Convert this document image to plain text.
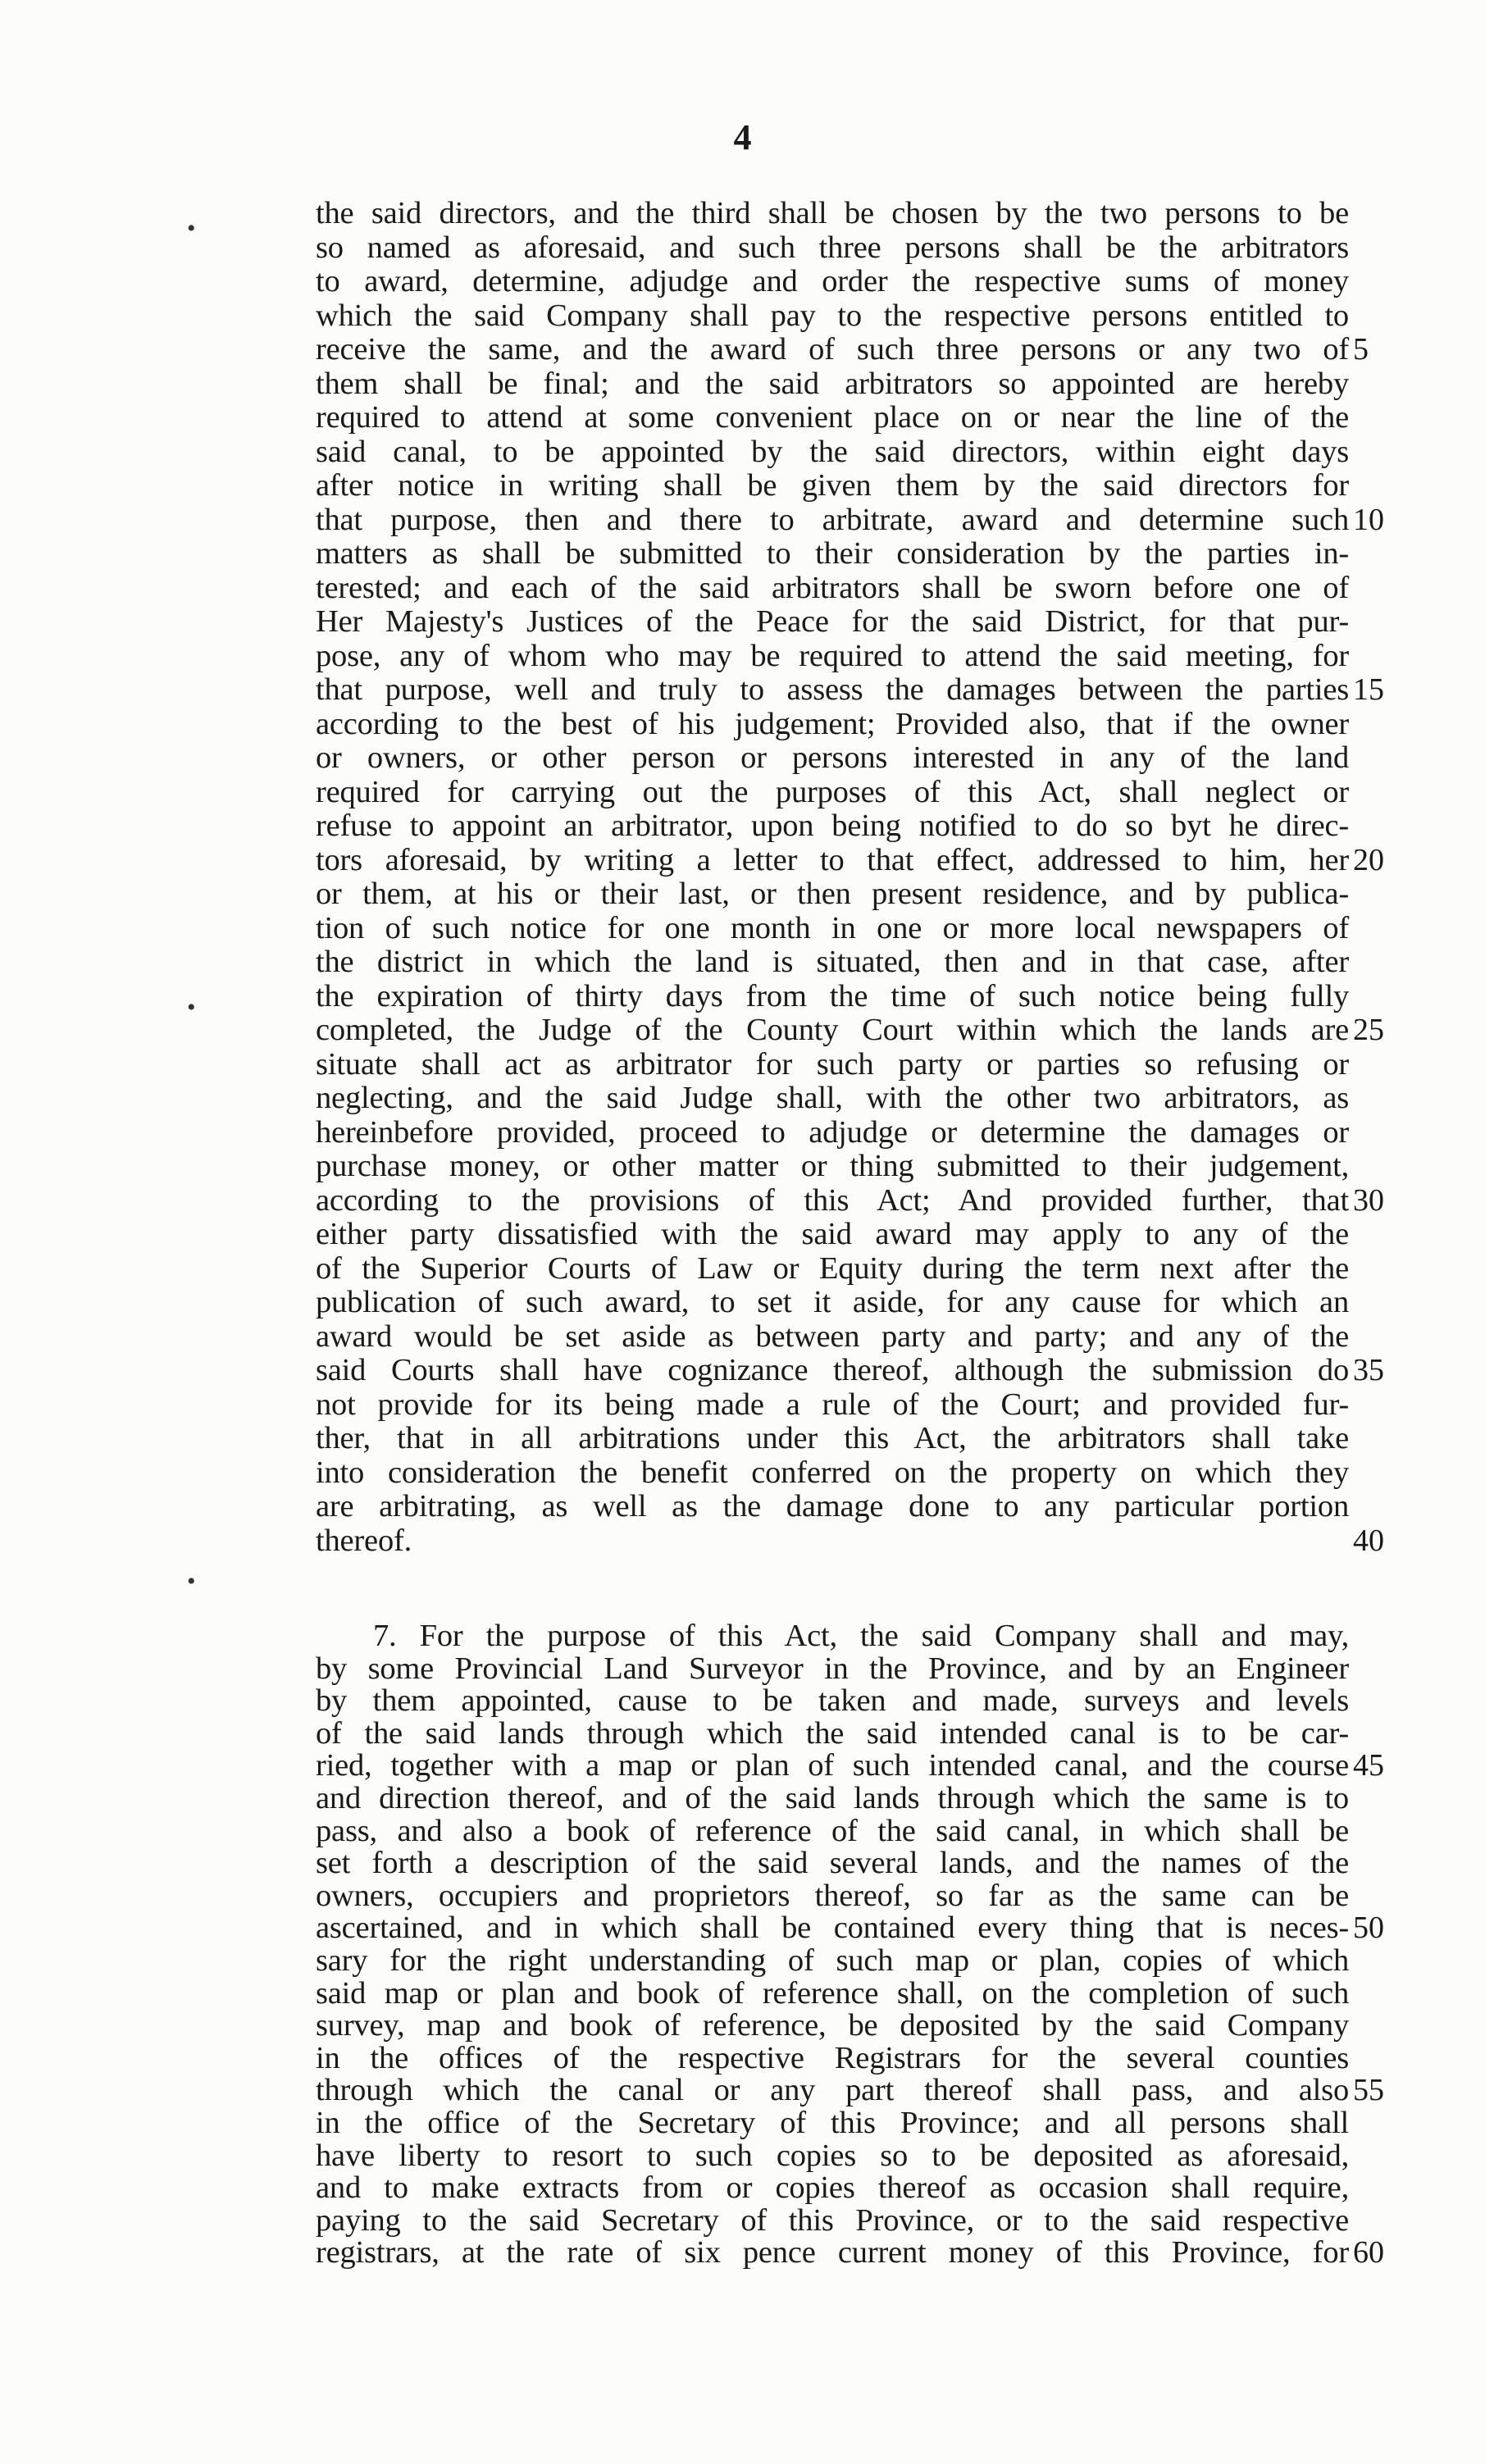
4
•
•
•
the said directors, and the third shall be chosen by the two persons to be
so named as aforesaid, and such three persons shall be the arbitrators
to award, determine, adjudge and order the respective sums of money
which the said Company shall pay to the respective persons entitled to
receive the same, and the award of such three persons or any two of 5
them shall be final; and the said arbitrators so appointed are hereby
required to attend at some convenient place on or near the line of the
said canal, to be appointed by the said directors, within eight days
after notice in writing shall be given them by the said directors for
that purpose, then and there to arbitrate, award and determine such 10
matters as shall be submitted to their consideration by the parties in-
terested; and each of the said arbitrators shall be sworn before one of
Her Majesty's Justices of the Peace for the said District, for that pur-
pose, any of whom who may be required to attend the said meeting, for
that purpose, well and truly to assess the damages between the parties 15
according to the best of his judgement; Provided also, that if the owner
or owners, or other person or persons interested in any of the land
required for carrying out the purposes of this Act, shall neglect or
refuse to appoint an arbitrator, upon being notified to do so byt he direc-
tors aforesaid, by writing a letter to that effect, addressed to him, her 20
or them, at his or their last, or then present residence, and by publica-
tion of such notice for one month in one or more local newspapers of
the district in which the land is situated, then and in that case, after
the expiration of thirty days from the time of such notice being fully
completed, the Judge of the County Court within which the lands are 25
situate shall act as arbitrator for such party or parties so refusing or
neglecting, and the said Judge shall, with the other two arbitrators, as
hereinbefore provided, proceed to adjudge or determine the damages or
purchase money, or other matter or thing submitted to their judgement,
according to the provisions of this Act; And provided further, that 30
either party dissatisfied with the said award may apply to any of the
of the Superior Courts of Law or Equity during the term next after the
publication of such award, to set it aside, for any cause for which an
award would be set aside as between party and party; and any of the
said Courts shall have cognizance thereof, although the submission do 35
not provide for its being made a rule of the Court; and provided fur-
ther, that in all arbitrations under this Act, the arbitrators shall take
into consideration the benefit conferred on the property on which they
are arbitrating, as well as the damage done to any particular portion
thereof.	40
7. For the purpose of this Act, the said Company shall and may,
by some Provincial Land Surveyor in the Province, and by an Engineer
by them appointed, cause to be taken and made, surveys and levels
of the said lands through which the said intended canal is to be car-
ried, together with a map or plan of such intended canal, and the course 45
and direction thereof, and of the said lands through which the same is to
pass, and also a book of reference of the said canal, in which shall be
set forth a description of the said several lands, and the names of the
owners, occupiers and proprietors thereof, so far as the same can be
ascertained, and in which shall be contained every thing that is neces- 50
sary for the right understanding of such map or plan, copies of which
said map or plan and book of reference shall, on the completion of such
survey, map and book of reference, be deposited by the said Company
in the offices of the respective Registrars for the several counties
through which the canal or any part thereof shall pass, and also 55
in the office of the Secretary of this Province; and all persons shall
have liberty to resort to such copies so to be deposited as aforesaid,
and to make extracts from or copies thereof as occasion shall require,
paying to the said Secretary of this Province, or to the said respective
registrars, at the rate of six pence current money of this Province, for 60
